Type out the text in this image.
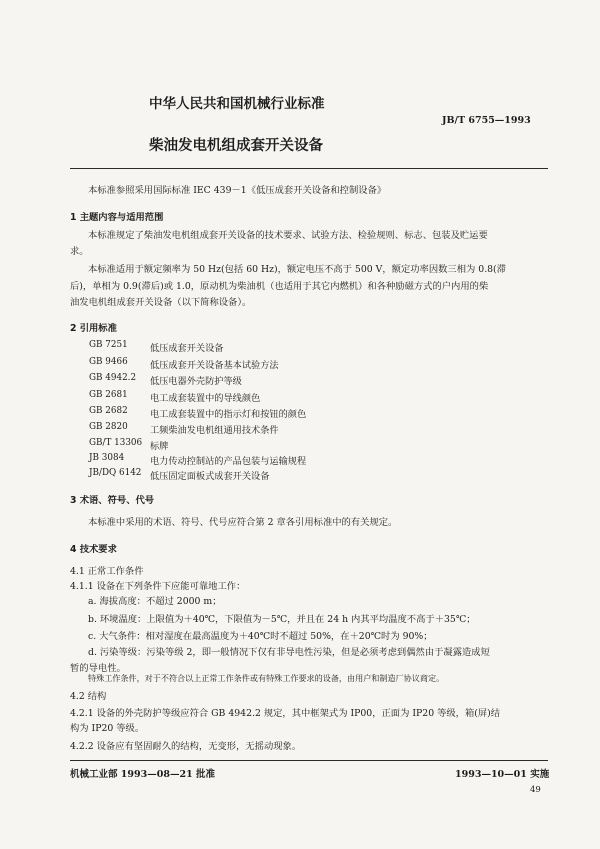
中华人民共和国机械行业标准
JB/T 6755—1993
柴油发电机组成套开关设备
本标准参照采用国际标准 IEC 439－1《低压成套开关设备和控制设备》
1 主题内容与适用范围
本标准规定了柴油发电机组成套开关设备的技术要求、试验方法、检验规则、标志、包装及贮运要
求。
本标准适用于额定频率为 50 Hz(包括 60 Hz)，额定电压不高于 500 V，额定功率因数三相为 0.8(滞
后)，单相为 0.9(滞后)或 1.0，原动机为柴油机（也适用于其它内燃机）和各种励磁方式的户内用的柴
油发电机组成套开关设备（以下简称设备）。
2 引用标准
GB 7251 低压成套开关设备
GB 9466 低压成套开关设备基本试验方法
GB 4942.2 低压电器外壳防护等级
GB 2681 电工成套装置中的导线颜色
GB 2682 电工成套装置中的指示灯和按钮的颜色
GB 2820 工频柴油发电机组通用技术条件
GB/T 13306 标牌
JB 3084	电力传动控制站的产品包装与运输规程
JB/DQ 6142 低压固定面板式成套开关设备
3 术语、符号、代号
本标准中采用的术语、符号、代号应符合第 2 章各引用标准中的有关规定。
4 技术要求
4.1 正常工作条件
4.1.1 设备在下列条件下应能可靠地工作：
a. 海拔高度：不超过 2000 m；
b. 环境温度：上限值为＋40℃，下限值为－5℃，并且在 24 h 内其平均温度不高于＋35℃；
c. 大气条件：相对湿度在最高温度为＋40℃时不超过 50%，在＋20℃时为 90%；
d. 污染等级：污染等级 2，即一般情况下仅有非导电性污染，但是必须考虑到偶然由于凝露造成短
暂的导电性。
特殊工作条件，对于不符合以上正常工作条件或有特殊工作要求的设备，由用户和制造厂协议商定。
4.2 结构
4.2.1 设备的外壳防护等级应符合 GB 4942.2 规定，其中框架式为 IP00，正面为 IP20 等级，箱(屏)结
构为 IP20 等级。
4.2.2 设备应有坚固耐久的结构，无变形，无摇动现象。
机械工业部 1993—08—21 批准	1993—10—01 实施
49
